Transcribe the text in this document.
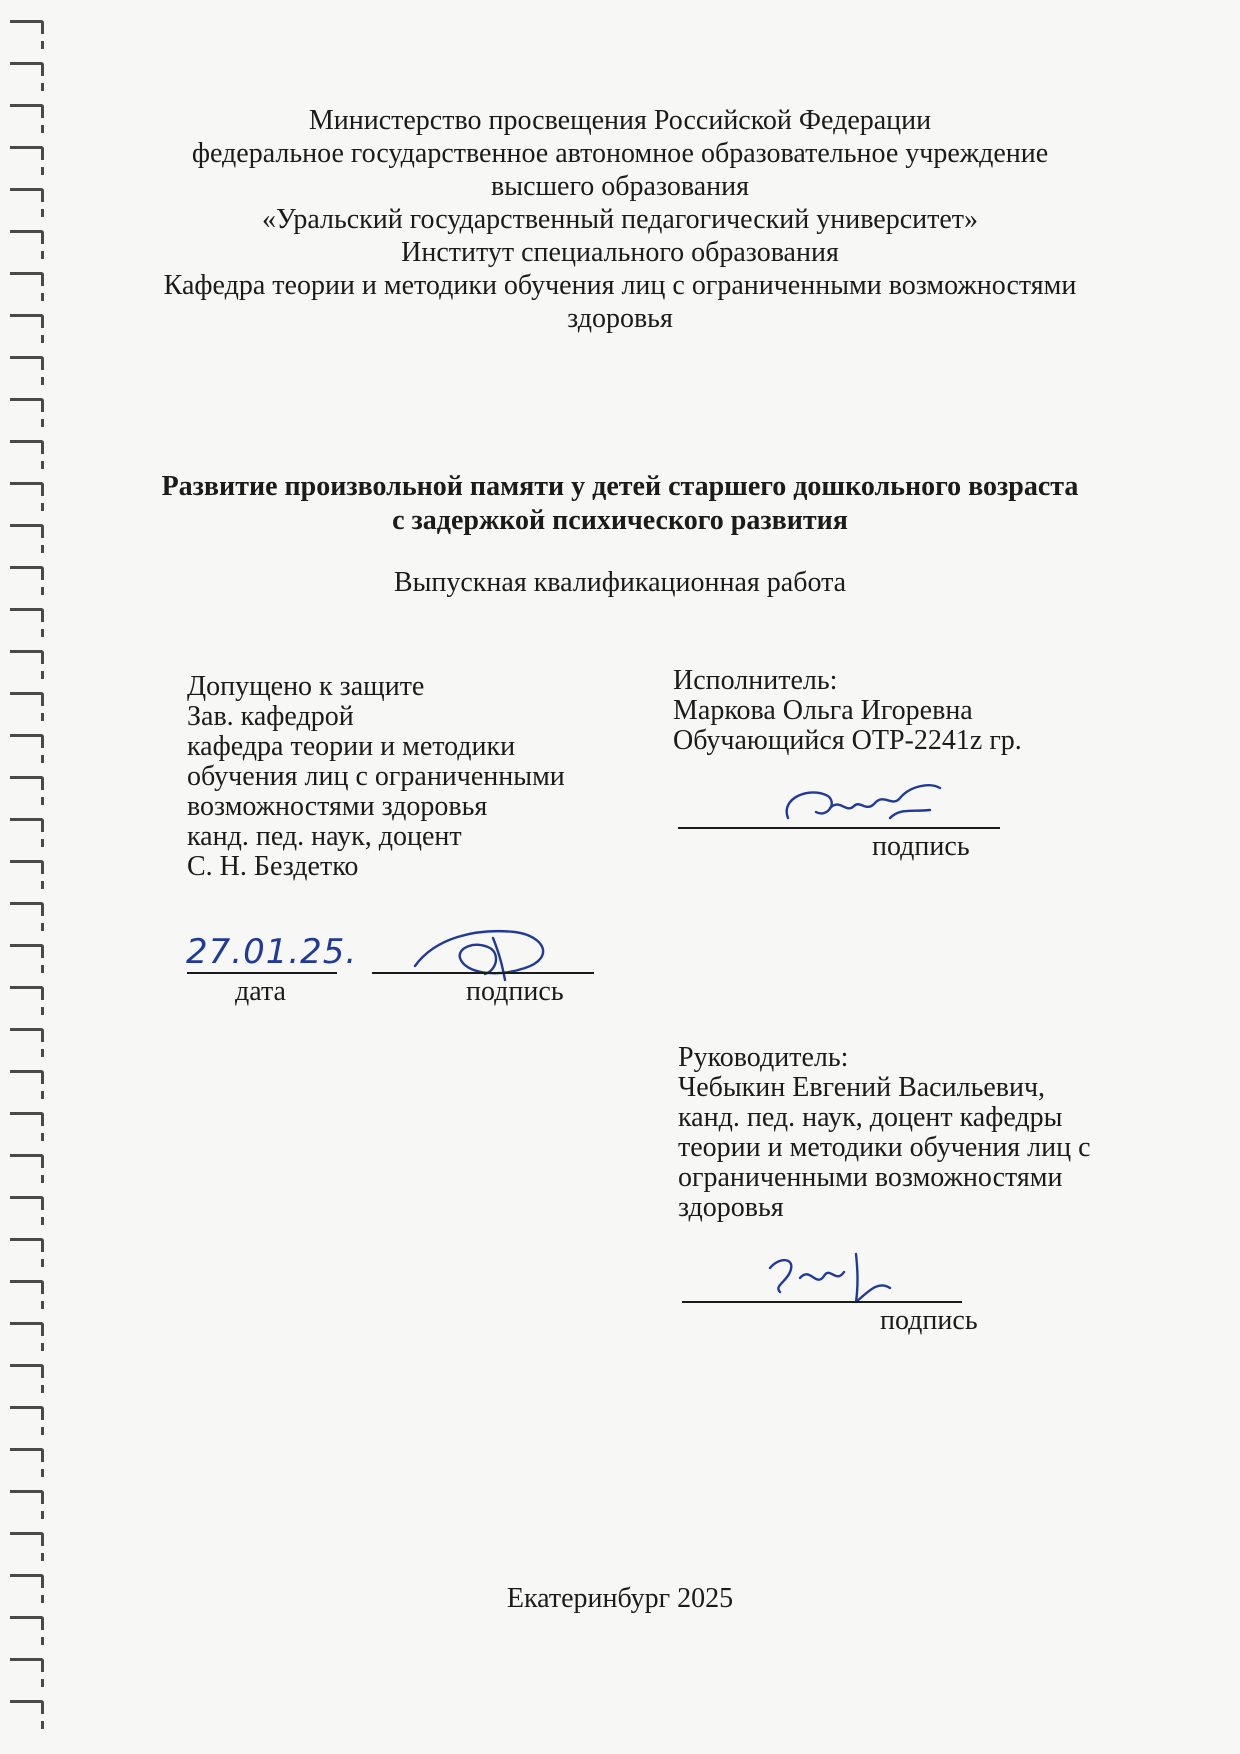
Министерство просвещения Российской Федерации
федеральное государственное автономное образовательное учреждение
высшего образования
«Уральский государственный педагогический университет»
Институт специального образования
Кафедра теории и методики обучения лиц с ограниченными возможностями
здоровья
Развитие произвольной памяти у детей старшего дошкольного возраста
с задержкой психического развития
Выпускная квалификационная работа
Допущено к защите
Зав. кафедрой
кафедра теории и методики
обучения лиц с ограниченными
возможностями здоровья
канд. пед. наук, доцент
С. Н. Бездетко
27.01.25.
дата	подпись
Исполнитель:
Маркова Ольга Игоревна
Обучающийся ОТР-2241z гр.
подпись
Руководитель:
Чебыкин Евгений Васильевич,
канд. пед. наук, доцент кафедры
теории и методики обучения лиц с
ограниченными возможностями
здоровья
подпись
Екатеринбург 2025
